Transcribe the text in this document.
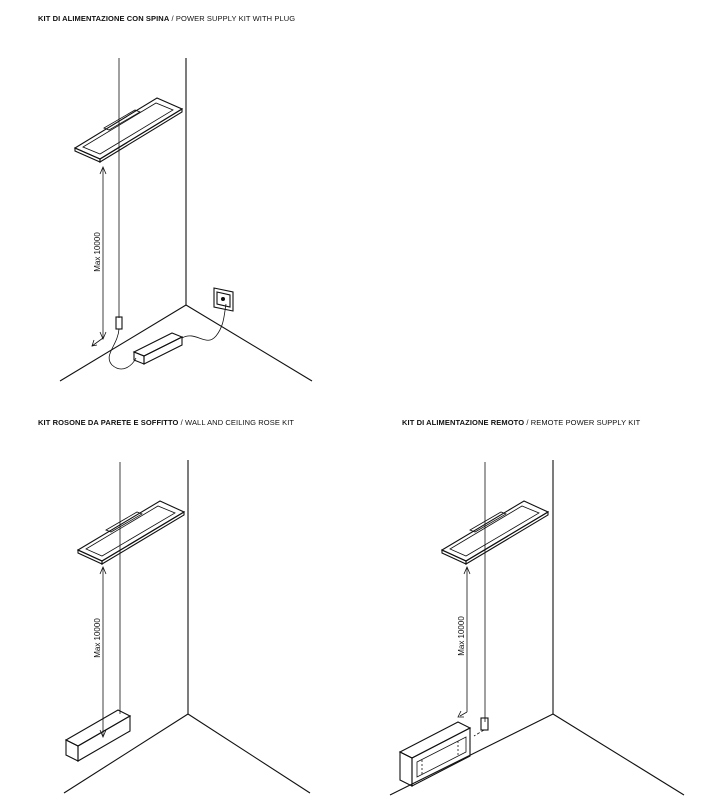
KIT DI ALIMENTAZIONE CON SPINA / POWER SUPPLY KIT WITH PLUG
KIT ROSONE DA PARETE E SOFFITTO / WALL AND CEILING ROSE KIT	KIT DI ALIMENTAZIONE REMOTO / REMOTE POWER SUPPLY KIT
Max 10000
Max 10000	Max 10000
